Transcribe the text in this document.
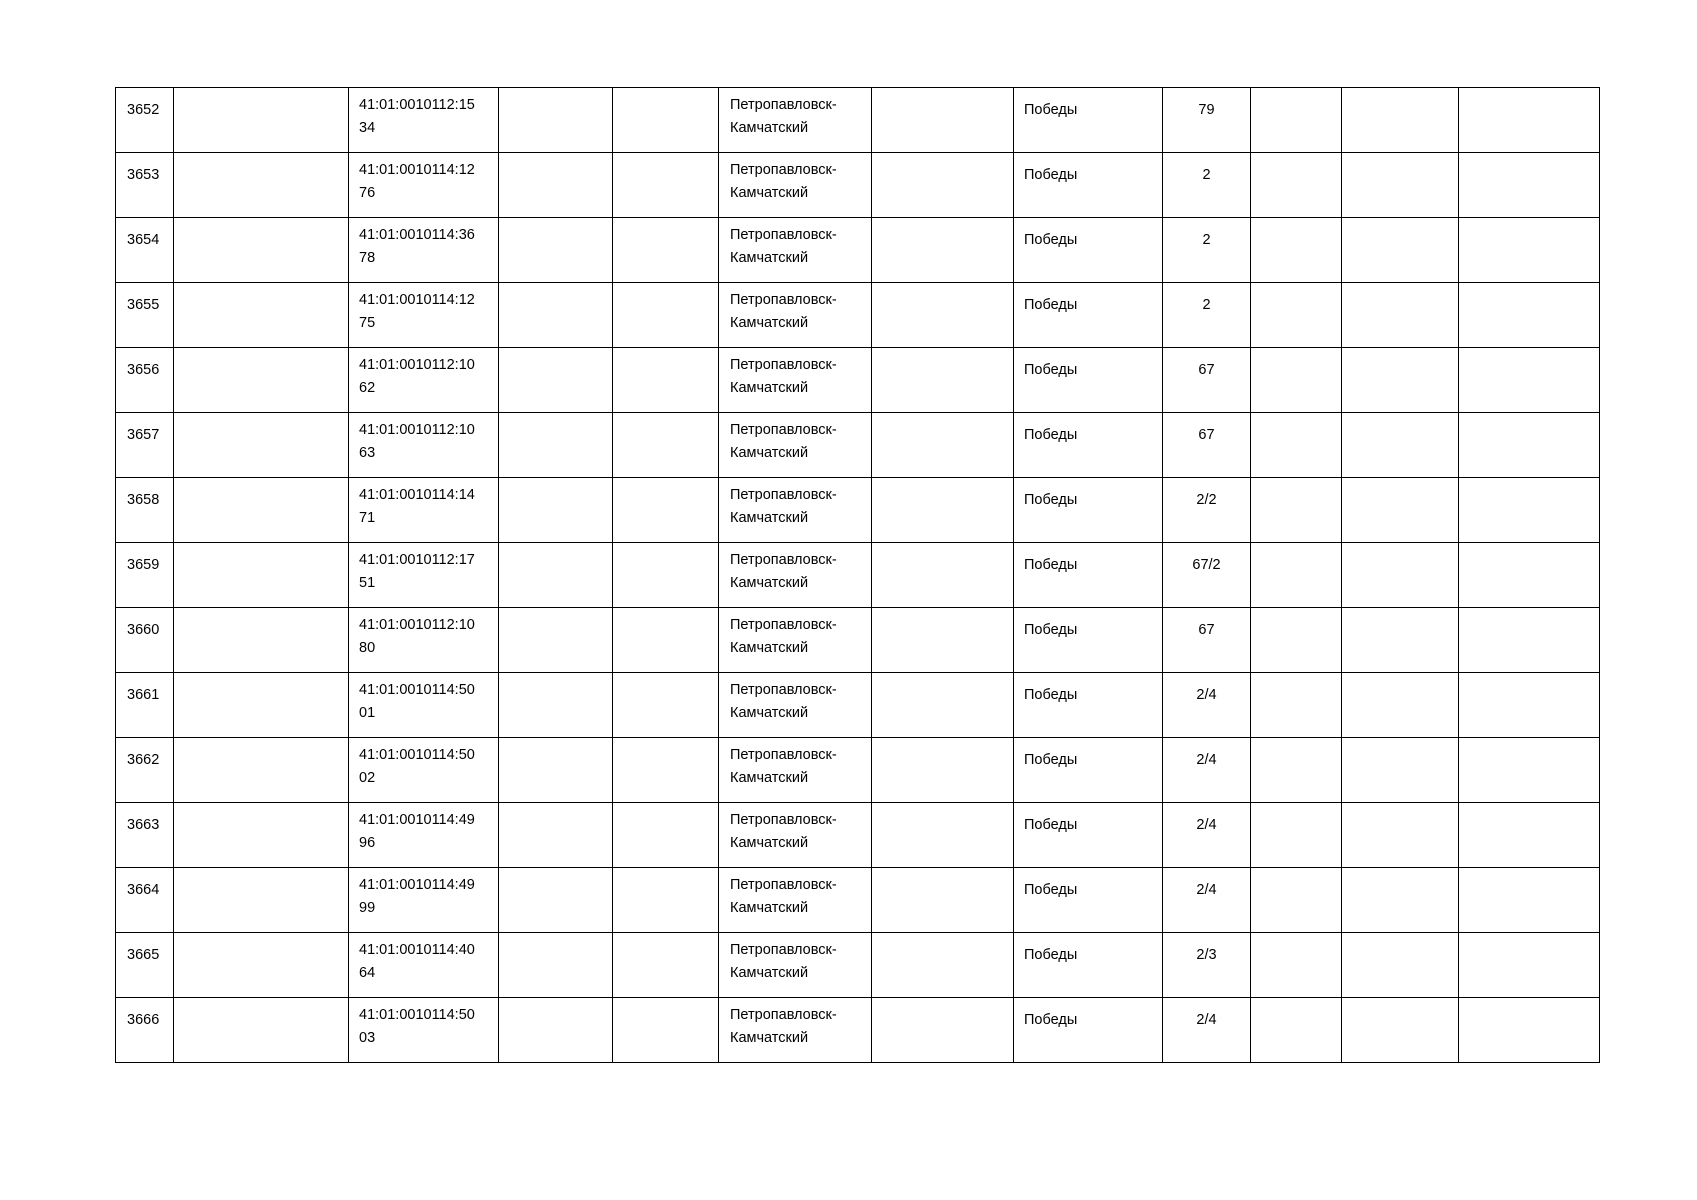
3652		41:01:0010112:15
34			Петропавловск-
Камчатский		Победы	79			

3653		41:01:0010114:12
76			Петропавловск-
Камчатский		Победы	2			

3654		41:01:0010114:36
78			Петропавловск-
Камчатский		Победы	2			

3655		41:01:0010114:12
75			Петропавловск-
Камчатский		Победы	2			

3656		41:01:0010112:10
62			Петропавловск-
Камчатский		Победы	67			

3657		41:01:0010112:10
63			Петропавловск-
Камчатский		Победы	67			

3658		41:01:0010114:14
71			Петропавловск-
Камчатский		Победы	2/2			

3659		41:01:0010112:17
51			Петропавловск-
Камчатский		Победы	67/2			

3660		41:01:0010112:10
80			Петропавловск-
Камчатский		Победы	67			

3661		41:01:0010114:50
01			Петропавловск-
Камчатский		Победы	2/4			

3662		41:01:0010114:50
02			Петропавловск-
Камчатский		Победы	2/4			

3663		41:01:0010114:49
96			Петропавловск-
Камчатский		Победы	2/4			

3664		41:01:0010114:49
99			Петропавловск-
Камчатский		Победы	2/4			

3665		41:01:0010114:40
64			Петропавловск-
Камчатский		Победы	2/3			

3666		41:01:0010114:50
03			Петропавловск-
Камчатский		Победы	2/4			
